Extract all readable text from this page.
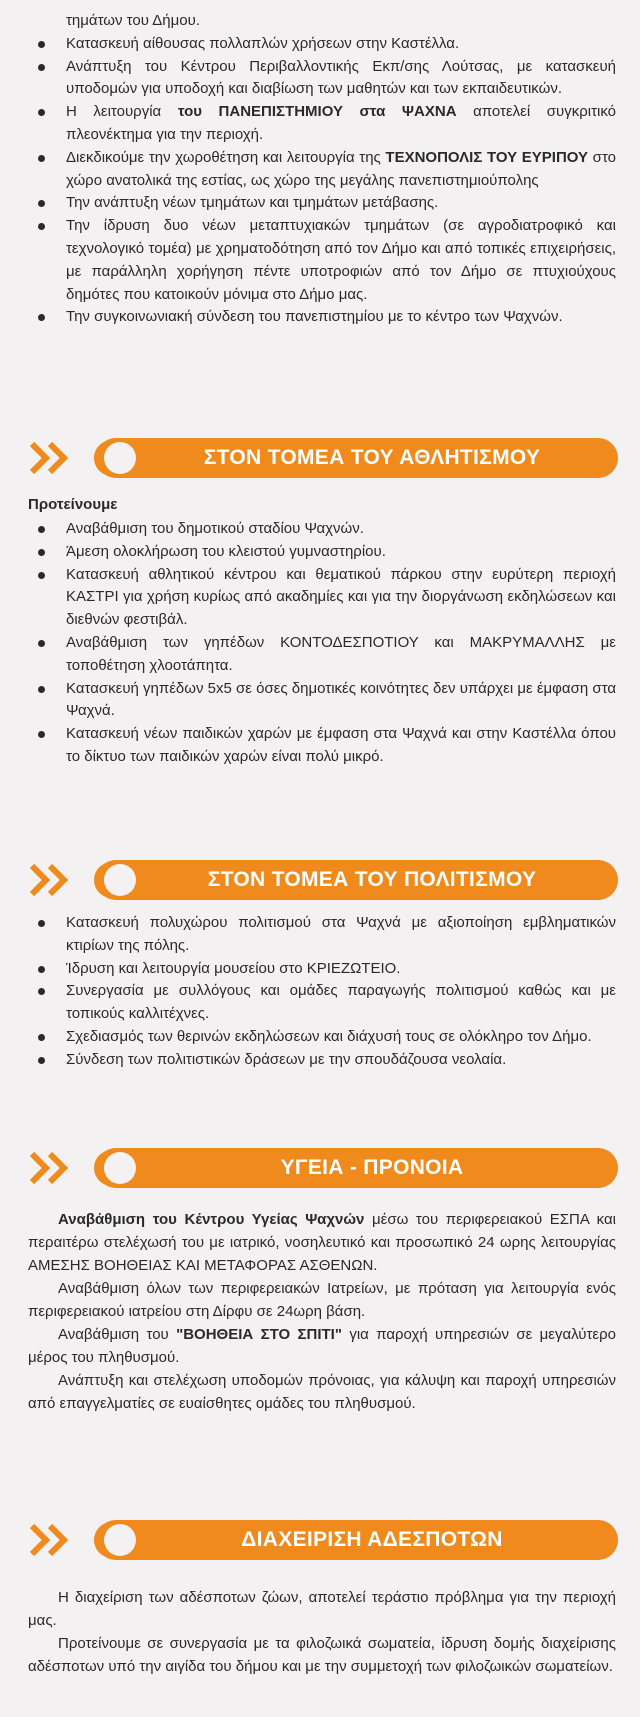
τημάτων του Δήμου.
Κατασκευή αίθουσας πολλαπλών χρήσεων στην Καστέλλα.
Ανάπτυξη του Κέντρου Περιβαλλοντικής Εκπ/σης Λούτσας, με κατασκευή υποδομών για υποδοχή και διαβίωση των μαθητών και των εκπαιδευτικών.
Η λειτουργία του ΠΑΝΕΠΙΣΤΗΜΙΟΥ στα ΨΑΧΝΑ αποτελεί συγκριτικό πλεονέκτημα για την περιοχή.
Διεκδικούμε την χωροθέτηση και λειτουργία της ΤΕΧΝΟΠΟΛΙΣ ΤΟΥ ΕΥΡΙΠΟΥ στο χώρο ανατολικά της εστίας, ως χώρο της μεγάλης πανεπιστημιούπολης
Την ανάπτυξη νέων τμημάτων και τμημάτων μετάβασης.
Την ίδρυση δυο νέων μεταπτυχιακών τμημάτων (σε αγροδιατροφικό και τεχνολογικό τομέα) με χρηματοδότηση από τον Δήμο και από τοπικές επιχειρήσεις, με παράλληλη χορήγηση πέντε υποτροφιών από τον Δήμο σε πτυχιούχους δημότες που κατοικούν μόνιμα στο Δήμο μας.
Την συγκοινωνιακή σύνδεση του πανεπιστημίου με το κέντρο των Ψαχνών.
ΣΤΟΝ ΤΟΜΕΑ ΤΟΥ ΑΘΛΗΤΙΣΜΟΥ

Προτείνουμε

Αναβάθμιση του δημοτικού σταδίου Ψαχνών.
Άμεση ολοκλήρωση του κλειστού γυμναστηρίου.
Κατασκευή αθλητικού κέντρου και θεματικού πάρκου στην ευρύτερη περιοχή ΚΑΣΤΡΙ για χρήση κυρίως από ακαδημίες και για την διοργάνωση εκδηλώσεων και διεθνών φεστιβάλ.
Αναβάθμιση των γηπέδων ΚΟΝΤΟΔΕΣΠΟΤΙΟΥ και ΜΑΚΡΥΜΑΛΛΗΣ με τοποθέτηση χλοοτάπητα.
Κατασκευή γηπέδων 5x5 σε όσες δημοτικές κοινότητες δεν υπάρχει με έμφαση στα Ψαχνά.
Κατασκευή νέων παιδικών χαρών με έμφαση στα Ψαχνά και στην Καστέλλα όπου το δίκτυο των παιδικών χαρών είναι πολύ μικρό.
ΣΤΟΝ ΤΟΜΕΑ ΤΟΥ ΠΟΛΙΤΙΣΜΟΥ
Κατασκευή πολυχώρου πολιτισμού στα Ψαχνά με αξιοποίηση εμβληματικών κτιρίων της πόλης.
Ίδρυση και λειτουργία μουσείου στο ΚΡΙΕΖΩΤΕΙΟ.
Συνεργασία με συλλόγους και ομάδες παραγωγής πολιτισμού καθώς και με τοπικούς καλλιτέχνες.
Σχεδιασμός των θερινών εκδηλώσεων και διάχυσή τους σε ολόκληρο τον Δήμο.
Σύνδεση των πολιτιστικών δράσεων με την σπουδάζουσα νεολαία.
ΥΓΕΙΑ - ΠΡΟΝΟΙΑ

Αναβάθμιση του Κέντρου Υγείας Ψαχνών μέσω του περιφερειακού ΕΣΠΑ και περαιτέρω στελέχωσή του με ιατρικό, νοσηλευτικό και προσωπικό 24 ωρης λειτουργίας ΑΜΕΣΗΣ ΒΟΗΘΕΙΑΣ ΚΑΙ ΜΕΤΑΦΟΡΑΣ ΑΣΘΕΝΩΝ.

Αναβάθμιση όλων των περιφερειακών Ιατρείων, με πρόταση για λειτουργία ενός περιφερειακού ιατρείου στη Δίρφυ σε 24ωρη βάση.

Αναβάθμιση του "ΒΟΗΘΕΙΑ ΣΤΟ ΣΠΙΤΙ" για παροχή υπηρεσιών σε μεγαλύτερο μέρος του πληθυσμού.

Ανάπτυξη και στελέχωση υποδομών πρόνοιας, για κάλυψη και παροχή υπηρεσιών από επαγγελματίες σε ευαίσθητες ομάδες του πληθυσμού.

ΔΙΑΧΕΙΡΙΣΗ ΑΔΕΣΠΟΤΩΝ

Η διαχείριση των αδέσποτων ζώων, αποτελεί τεράστιο πρόβλημα για την περιοχή μας.

Προτείνουμε σε συνεργασία με τα φιλοζωικά σωματεία, ίδρυση δομής διαχείρισης αδέσποτων υπό την αιγίδα του δήμου και με την συμμετοχή των φιλοζωικών σωματείων.
